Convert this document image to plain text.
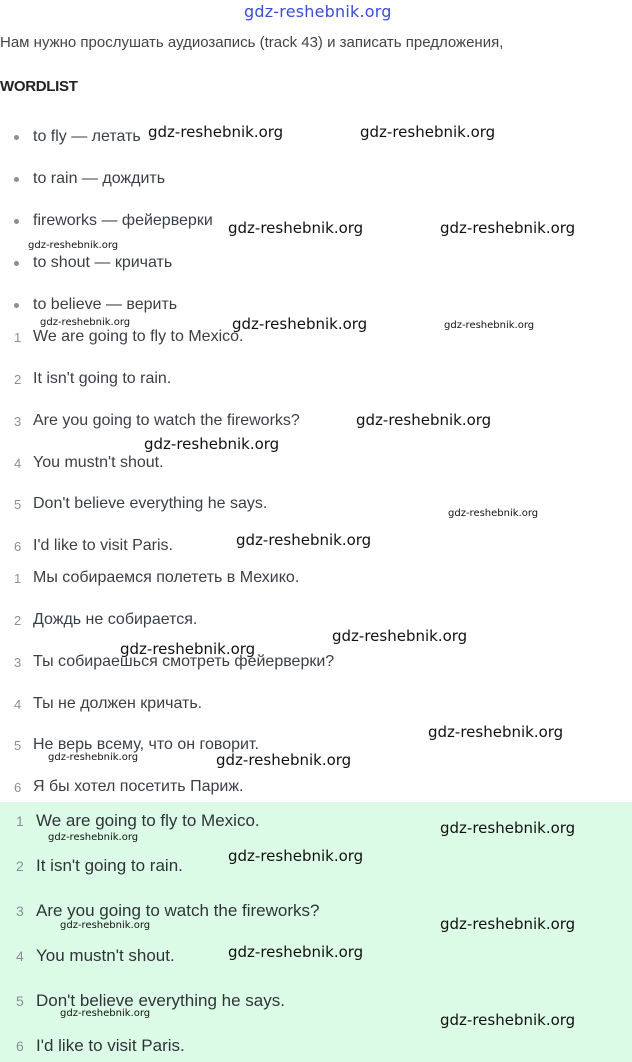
gdz-reshebnik.org
Нам нужно прослушать аудиозапись (track 43) и записать предложения,
WORDLIST
to fly — летать
to rain — дождить
fireworks — фейерверки
to shout — кричать
to believe — верить
1 We are going to fly to Mexico.
2 It isn't going to rain.
3 Are you going to watch the fireworks?
4 You mustn't shout.
5 Don't believe everything he says.
6 I'd like to visit Paris.
1 Мы собираемся полететь в Мехико.
2 Дождь не собирается.
3 Ты собираешься смотреть фейерверки?
4 Ты не должен кричать.
5 Не верь всему, что он говорит.
6 Я бы хотел посетить Париж.
1 We are going to fly to Mexico.
2 It isn't going to rain.
3 Are you going to watch the fireworks?
4 You mustn't shout.
5 Don't believe everything he says.
6 I'd like to visit Paris.
gdz-reshebnik.org	gdz-reshebnik.org
gdz-reshebnik.org	gdz-reshebnik.org
gdz-reshebnik.org
gdz-reshebnik.org	gdz-reshebnik.org	gdz-reshebnik.org
gdz-reshebnik.org
gdz-reshebnik.org
gdz-reshebnik.org
gdz-reshebnik.org
gdz-reshebnik.org
gdz-reshebnik.org
gdz-reshebnik.org
gdz-reshebnik.org	gdz-reshebnik.org
gdz-reshebnik.org
gdz-reshebnik.org
gdz-reshebnik.org
gdz-reshebnik.org	gdz-reshebnik.org
gdz-reshebnik.org
gdz-reshebnik.org	gdz-reshebnik.org
